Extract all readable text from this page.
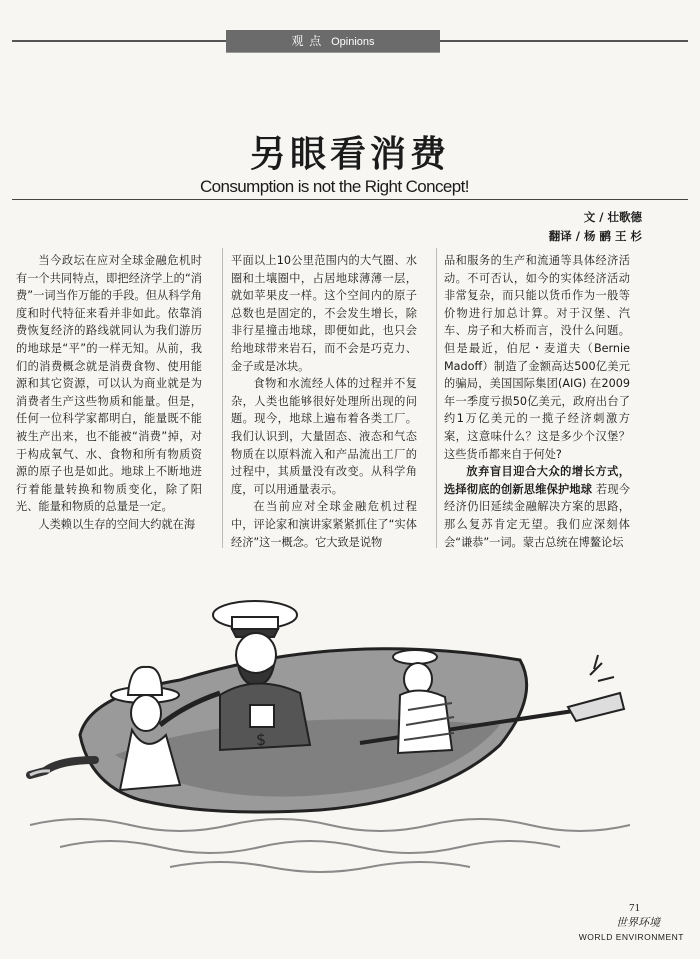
观 点 Opinions
另眼看消费
Consumption is not the Right Concept!
文 / 壮歌德
翻译 / 杨 鹂 王 杉

当今政坛在应对全球金融危机时有一个共同特点，即把经济学上的“消费”一词当作万能的手段。但从科学角度和时代特征来看并非如此。依靠消费恢复经济的路线就同认为我们游历的地球是“平”的一样无知。从前，我们的消费概念就是消费食物、使用能源和其它资源，可以认为商业就是为消费者生产这些物质和能量。但是，任何一位科学家都明白，能量既不能被生产出来，也不能被“消费”掉，对于构成氧气、水、食物和所有物质资源的原子也是如此。地球上不断地进行着能量转换和物质变化，除了阳光、能量和物质的总量是一定。

人类赖以生存的空间大约就在海

平面以上10公里范围内的大气圈、水圈和土壤圈中，占居地球薄薄一层，就如苹果皮一样。这个空间内的原子总数也是固定的，不会发生增长，除非行星撞击地球，即便如此，也只会给地球带来岩石，而不会是巧克力、金子或是冰块。

食物和水流经人体的过程并不复杂，人类也能够很好处理所出现的问题。现今，地球上遍布着各类工厂。我们认识到，大量固态、液态和气态物质在以原料流入和产品流出工厂的过程中，其质量没有改变。从科学角度，可以用通量表示。

在当前应对全球金融危机过程中，评论家和演讲家紧紧抓住了“实体经济”这一概念。它大致是说物

品和服务的生产和流通等具体经济活动。不可否认，如今的实体经济活动非常复杂，而只能以货币作为一般等价物进行加总计算。对于汉堡、汽车、房子和大桥而言，没什么问题。但是最近，伯尼・麦道夫（Bernie Madoff）制造了金额高达500亿美元的骗局，美国国际集团(AIG) 在2009年一季度亏损50亿美元，政府出台了约1万亿美元的一揽子经济刺激方案，这意味什么？这是多少个汉堡？这些货币都来自于何处?

放弃盲目迎合大众的增长方式，选择彻底的创新思维保护地球 若现今经济仍旧延续金融解决方案的思路，那么复苏肯定无望。我们应深刻体会“谦恭”一词。蒙古总统在博鳌论坛

$
71
世界环境
WORLD ENVIRONMENT
